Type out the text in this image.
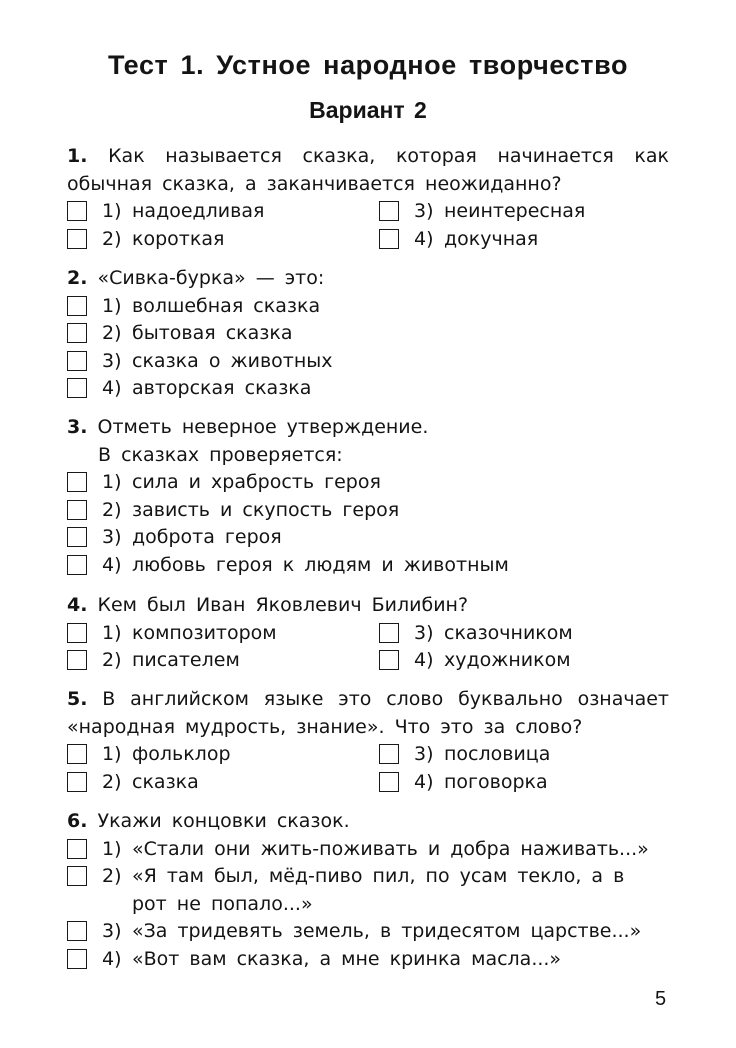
Тест 1. Устное народное творчество
Вариант 2

1. Как называется сказка, которая начинается как обычная сказка, а заканчивается неожиданно?

1) надоедливая	3) неинтересная
2) короткая	4) докучная

2. «Сивка-бурка» — это:

1) волшебная сказка
2) бытовая сказка
3) сказка о животных
4) авторская сказка

3. Отметь неверное утверждение.

В сказках проверяется:

1) сила и храбрость героя
2) зависть и скупость героя
3) доброта героя
4) любовь героя к людям и животным

4. Кем был Иван Яковлевич Билибин?

1) композитором	3) сказочником
2) писателем	4) художником

5. В английском языке это слово буквально означает «народная мудрость, знание». Что это за слово?

1) фольклор	3) пословица
2) сказка	4) поговорка

6. Укажи концовки сказок.

1) «Стали они жить-поживать и добра наживать...»
2) «Я там был, мёд-пиво пил, по усам текло, а в рот не попало...»
3) «За тридевять земель, в тридесятом царстве...»
4) «Вот вам сказка, а мне кринка масла...»
5
